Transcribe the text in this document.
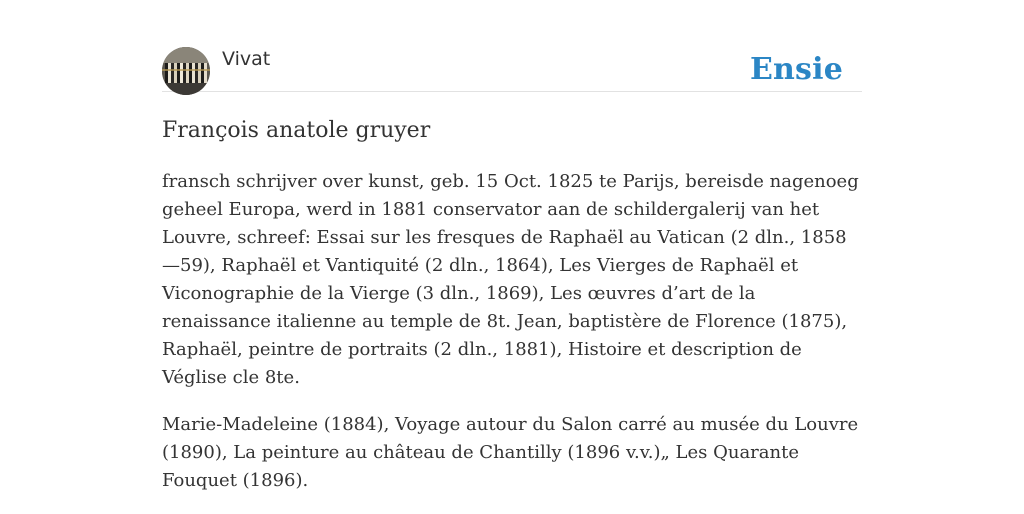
Vivat	Ensie
François anatole gruyer

fransch schrijver over kunst, geb. 15 Oct. 1825 te Parijs, bereisde nagenoeg geheel Europa, werd in 1881 conservator aan de schildergalerij van het Louvre, schreef: Essai sur les fresques de Raphaël au Vatican (2 dln., 1858—59), Raphaël et Vantiquité (2 dln., 1864), Les Vierges de Raphaël et Viconographie de la Vierge (3 dln., 1869), Les œuvres d’art de la renaissance italienne au temple de 8t. Jean, baptistère de Florence (1875), Raphaël, peintre de portraits (2 dln., 1881), Histoire et description de Véglise cle 8te.

Marie-Madeleine (1884), Voyage autour du Salon carré au musée du Louvre (1890), La peinture au château de Chantilly (1896 v.v.)„ Les Quarante Fouquet (1896).
